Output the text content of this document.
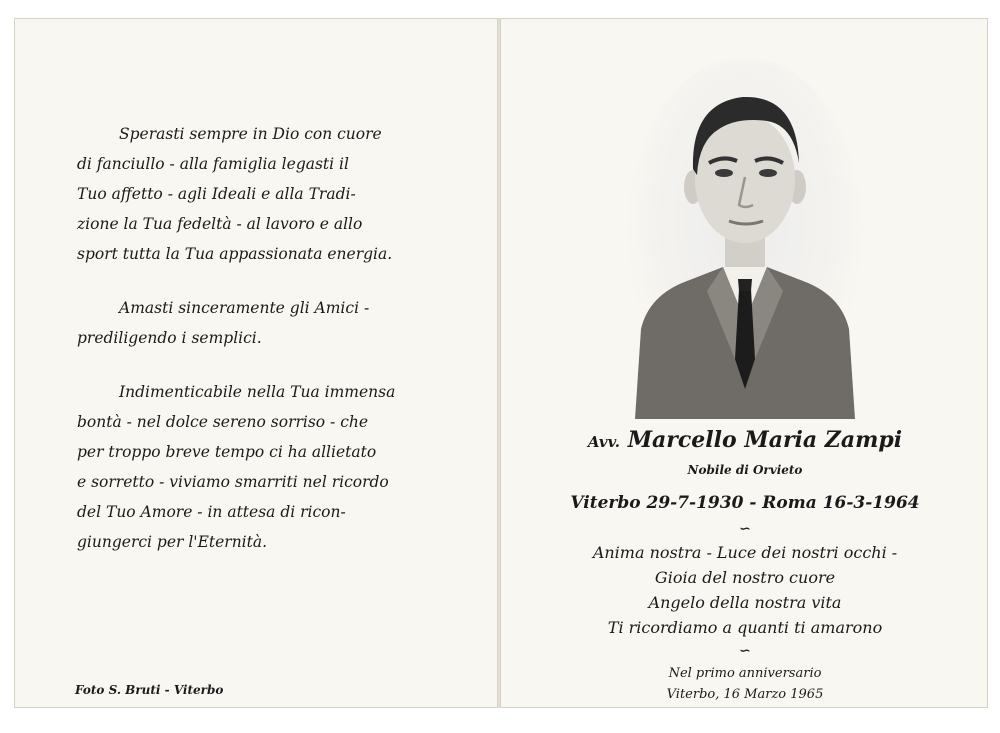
Sperasti sempre in Dio con cuore

di fanciullo - alla famiglia legasti il

Tuo affetto - agli Ideali e alla Tradi-

zione la Tua fedeltà - al lavoro e allo

sport tutta la Tua appassionata energia.

Amasti sinceramente gli Amici -

prediligendo i semplici.

Indimenticabile nella Tua immensa

bontà - nel dolce sereno sorriso - che

per troppo breve tempo ci ha allietato

e sorretto - viviamo smarriti nel ricordo

del Tuo Amore - in attesa di ricon-

giungerci per l'Eternità.

Foto S. Bruti - Viterbo
Avv. Marcello Maria Zampi
Nobile di Orvieto
Viterbo 29-7-1930 - Roma 16-3-1964
∽
Anima nostra - Luce dei nostri occhi -
Gioia del nostro cuore
Angelo della nostra vita
Ti ricordiamo a quanti ti amarono
∽
Nel primo anniversario
Viterbo, 16 Marzo 1965
